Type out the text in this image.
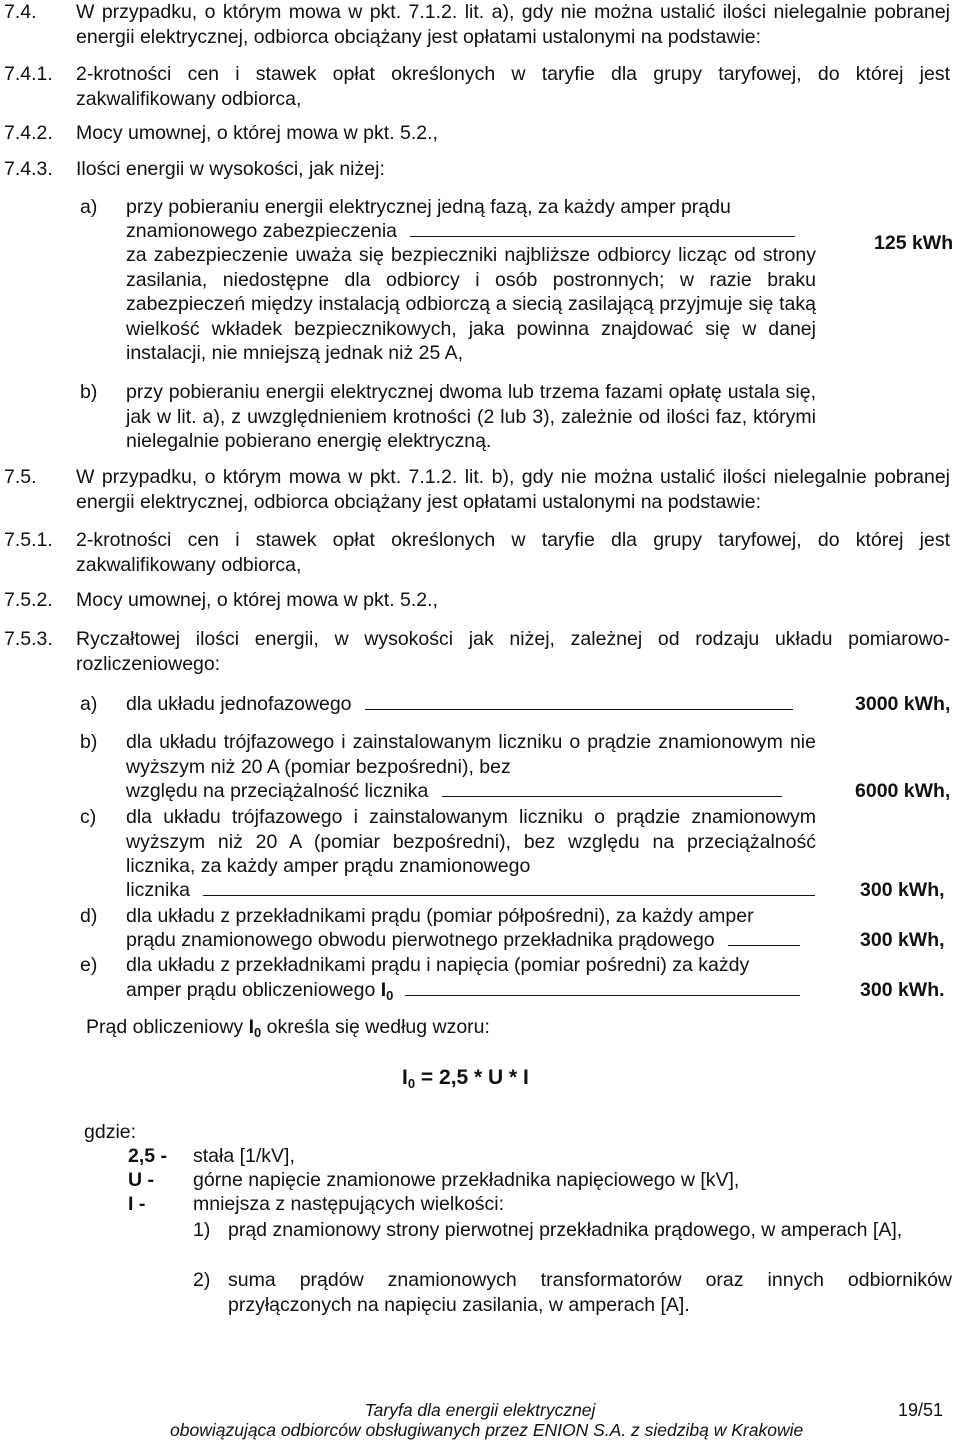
7.4. W przypadku, o którym mowa w pkt. 7.1.2. lit. a), gdy nie można ustalić ilości nielegalnie pobranej energii elektrycznej, odbiorca obciążany jest opłatami ustalonymi na podstawie:
7.4.1. 2-krotności cen i stawek opłat określonych w taryfie dla grupy taryfowej, do której jest zakwalifikowany odbiorca,
7.4.2. Mocy umownej, o której mowa w pkt. 5.2.,
7.4.3. Ilości energii w wysokości, jak niżej:
a) przy pobieraniu energii elektrycznej jedną fazą, za każdy amper prądu
znamionowego zabezpieczenia
za zabezpieczenie uważa się bezpieczniki najbliższe odbiorcy licząc od strony zasilania, niedostępne dla odbiorcy i osób postronnych; w razie braku zabezpieczeń między instalacją odbiorczą a siecią zasilającą przyjmuje się taką wielkość wkładek bezpiecznikowych, jaka powinna znajdować się w danej instalacji, nie mniejszą jednak niż 25 A,
125 kWh
b) przy pobieraniu energii elektrycznej dwoma lub trzema fazami opłatę ustala się, jak w lit. a), z uwzględnieniem krotności (2 lub 3), zależnie od ilości faz, którymi nielegalnie pobierano energię elektryczną.
7.5. W przypadku, o którym mowa w pkt. 7.1.2. lit. b), gdy nie można ustalić ilości nielegalnie pobranej energii elektrycznej, odbiorca obciążany jest opłatami ustalonymi na podstawie:
7.5.1. 2-krotności cen i stawek opłat określonych w taryfie dla grupy taryfowej, do której jest zakwalifikowany odbiorca,
7.5.2. Mocy umownej, o której mowa w pkt. 5.2.,
7.5.3. Ryczałtowej ilości energii, w wysokości jak niżej, zależnej od rodzaju układu pomiarowo-rozliczeniowego:
a) dla układu jednofazowego	3000 kWh,
b) dla układu trójfazowego i zainstalowanym liczniku o prądzie znamionowym nie wyższym niż 20 A (pomiar bezpośredni), bez
względu na przeciążalność licznika	6000 kWh,
c) dla układu trójfazowego i zainstalowanym liczniku o prądzie znamionowym wyższym niż 20 A (pomiar bezpośredni), bez względu na przeciążalność licznika, za każdy amper prądu znamionowego
licznika	300 kWh,
d) dla układu z przekładnikami prądu (pomiar półpośredni), za każdy amper
prądu znamionowego obwodu pierwotnego przekładnika prądowego	300 kWh,
e) dla układu z przekładnikami prądu i napięcia (pomiar pośredni) za każdy
amper prądu obliczeniowego $I_0$	300 kWh.
Prąd obliczeniowy $I_0$ określa się według wzoru:
$I_0 = 2,5 * U * I$
gdzie:
2,5 - stała [1/kV],
U - górne napięcie znamionowe przekładnika napięciowego w [kV],
I - mniejsza z następujących wielkości:
1) prąd znamionowy strony pierwotnej przekładnika prądowego, w amperach [A],
2) suma prądów znamionowych transformatorów oraz innych odbiorników przyłączonych na napięciu zasilania, w amperach [A].
Taryfa dla energii elektrycznej
obowiązująca odbiorców obsługiwanych przez ENION S.A. z siedzibą w Krakowie
19/51
